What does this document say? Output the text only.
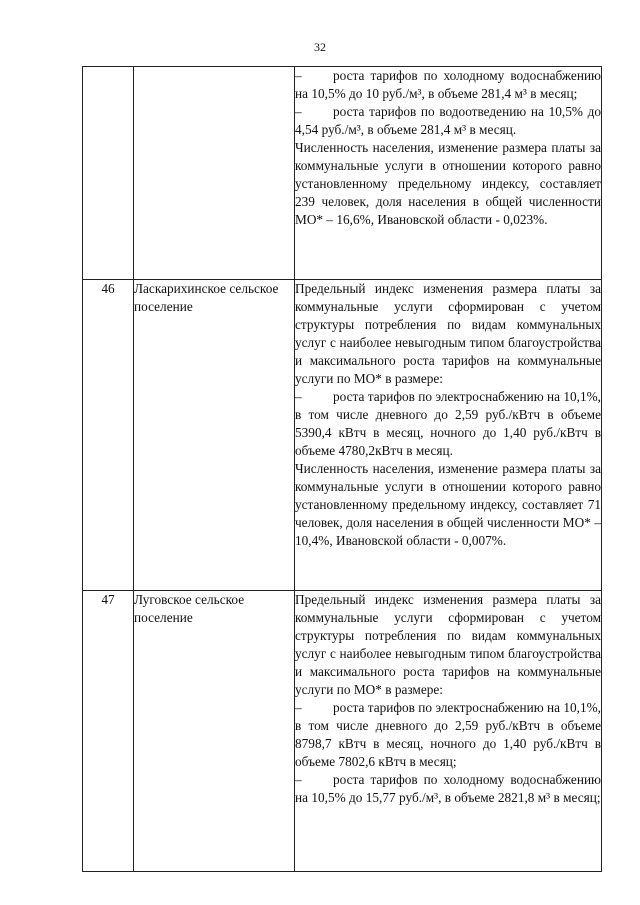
32

		– роста тарифов по холодному водоснабжению на 10,5% до 10 руб./м³, в объеме 281,4 м³ в месяц;

– роста тарифов по водоотведению на 10,5% до 4,54 руб./м³, в объеме 281,4 м³ в месяц.

Численность населения, изменение размера платы за коммунальные услуги в отношении которого равно установленному предельному индексу, составляет 239 человек, доля населения в общей численности МО* – 16,6%, Ивановской области - 0,023%.

46	Ласкарихинское сельское поселение	Предельный индекс изменения размера платы за коммунальные услуги сформирован с учетом структуры потребления по видам коммунальных услуг с наиболее невыгодным типом благоустройства и максимального роста тарифов на коммунальные услуги по МО* в размере:

– роста тарифов по электроснабжению на 10,1%, в том числе дневного до 2,59 руб./кВтч в объеме 5390,4 кВтч в месяц, ночного до 1,40 руб./кВтч в объеме 4780,2кВтч в месяц.

Численность населения, изменение размера платы за коммунальные услуги в отношении которого равно установленному предельному индексу, составляет 71 человек, доля населения в общей численности МО* – 10,4%, Ивановской области - 0,007%.

47	Луговское сельское поселение	Предельный индекс изменения размера платы за коммунальные услуги сформирован с учетом структуры потребления по видам коммунальных услуг с наиболее невыгодным типом благоустройства и максимального роста тарифов на коммунальные услуги по МО* в размере:

– роста тарифов по электроснабжению на 10,1%, в том числе дневного до 2,59 руб./кВтч в объеме 8798,7 кВтч в месяц, ночного до 1,40 руб./кВтч в объеме 7802,6 кВтч в месяц;

– роста тарифов по холодному водоснабжению на 10,5% до 15,77 руб./м³, в объеме 2821,8 м³ в месяц;
